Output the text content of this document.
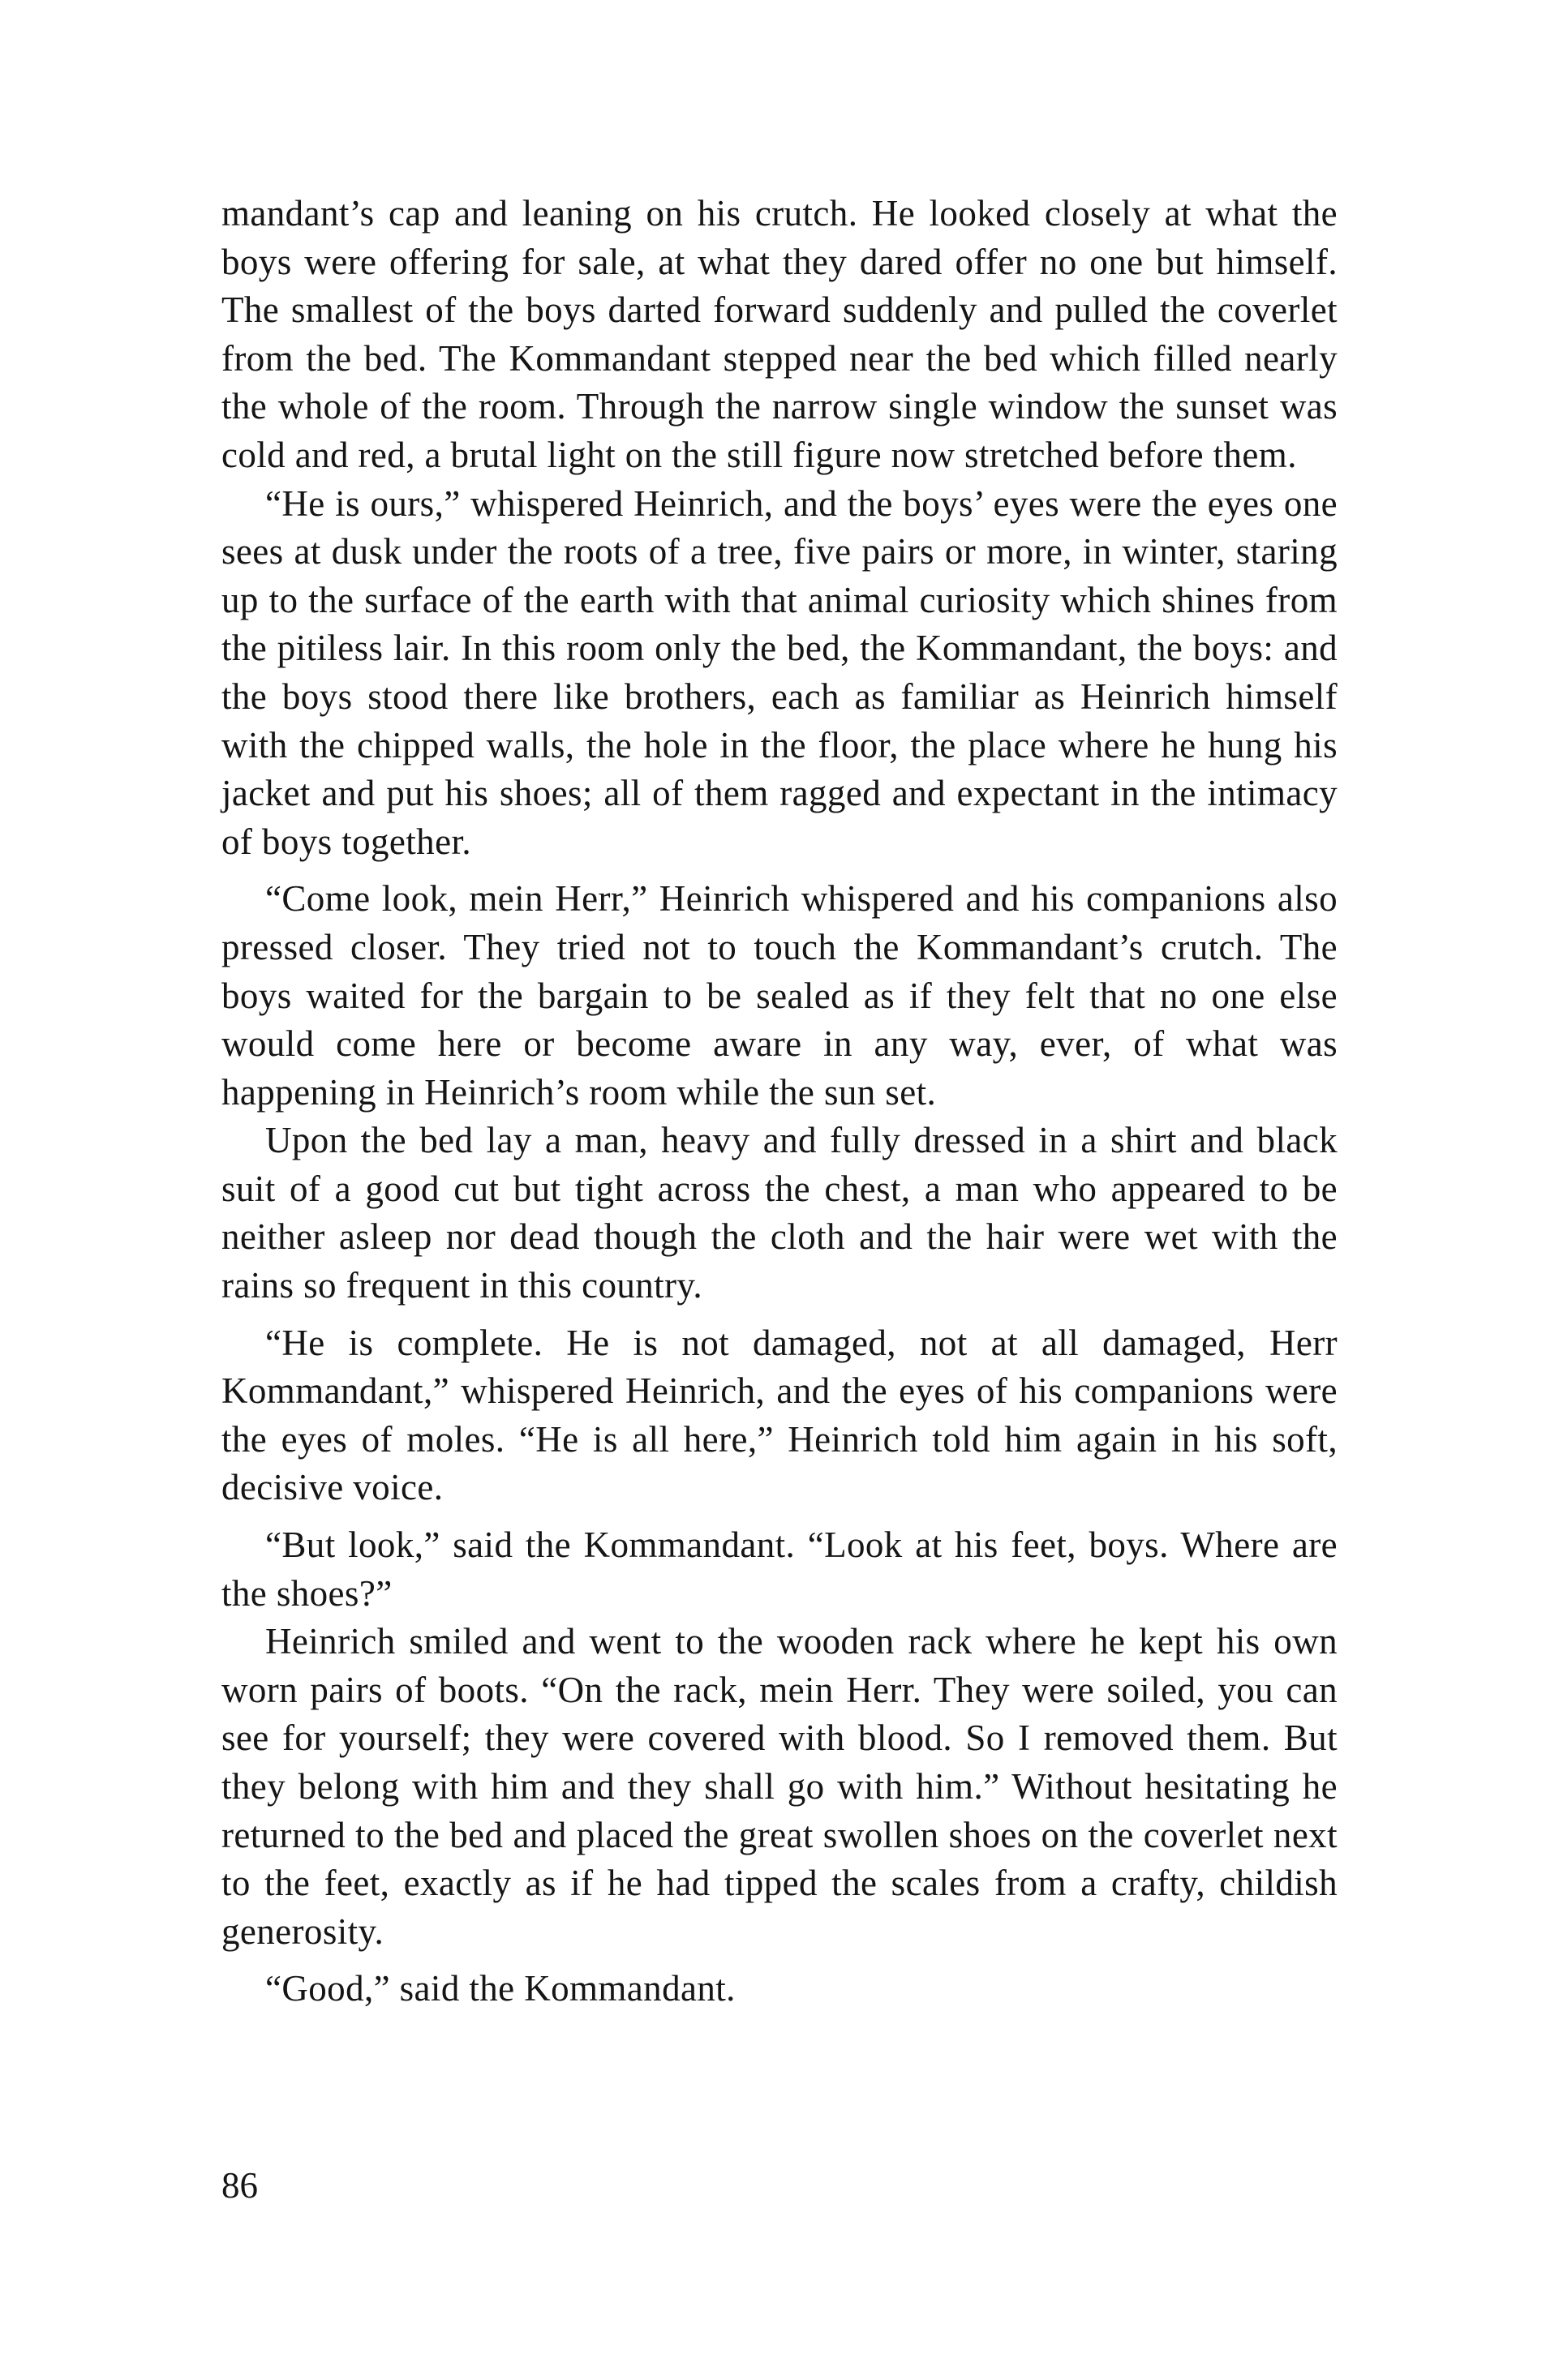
mandant’s cap and leaning on his crutch. He looked closely at what the boys were offering for sale, at what they dared offer no one but himself. The smallest of the boys darted forward suddenly and pulled the coverlet from the bed. The Kommandant stepped near the bed which filled nearly the whole of the room. Through the narrow single window the sunset was cold and red, a brutal light on the still figure now stretched before them.

“He is ours,” whispered Heinrich, and the boys’ eyes were the eyes one sees at dusk under the roots of a tree, five pairs or more, in winter, staring up to the surface of the earth with that animal curiosity which shines from the pitiless lair. In this room only the bed, the Kommandant, the boys: and the boys stood there like brothers, each as familiar as Heinrich himself with the chipped walls, the hole in the floor, the place where he hung his jacket and put his shoes; all of them ragged and expectant in the intimacy of boys together.

“Come look, mein Herr,” Heinrich whispered and his companions also pressed closer. They tried not to touch the Kommandant’s crutch. The boys waited for the bargain to be sealed as if they felt that no one else would come here or become aware in any way, ever, of what was happening in Heinrich’s room while the sun set.

Upon the bed lay a man, heavy and fully dressed in a shirt and black suit of a good cut but tight across the chest, a man who appeared to be neither asleep nor dead though the cloth and the hair were wet with the rains so frequent in this country.

“He is complete. He is not damaged, not at all damaged, Herr Kommandant,” whispered Heinrich, and the eyes of his companions were the eyes of moles. “He is all here,” Heinrich told him again in his soft, decisive voice.

“But look,” said the Kommandant. “Look at his feet, boys. Where are the shoes?”

Heinrich smiled and went to the wooden rack where he kept his own worn pairs of boots. “On the rack, mein Herr. They were soiled, you can see for yourself; they were covered with blood. So I removed them. But they belong with him and they shall go with him.” Without hesitating he returned to the bed and placed the great swollen shoes on the coverlet next to the feet, exactly as if he had tipped the scales from a crafty, childish generosity.

“Good,” said the Kommandant.

86
